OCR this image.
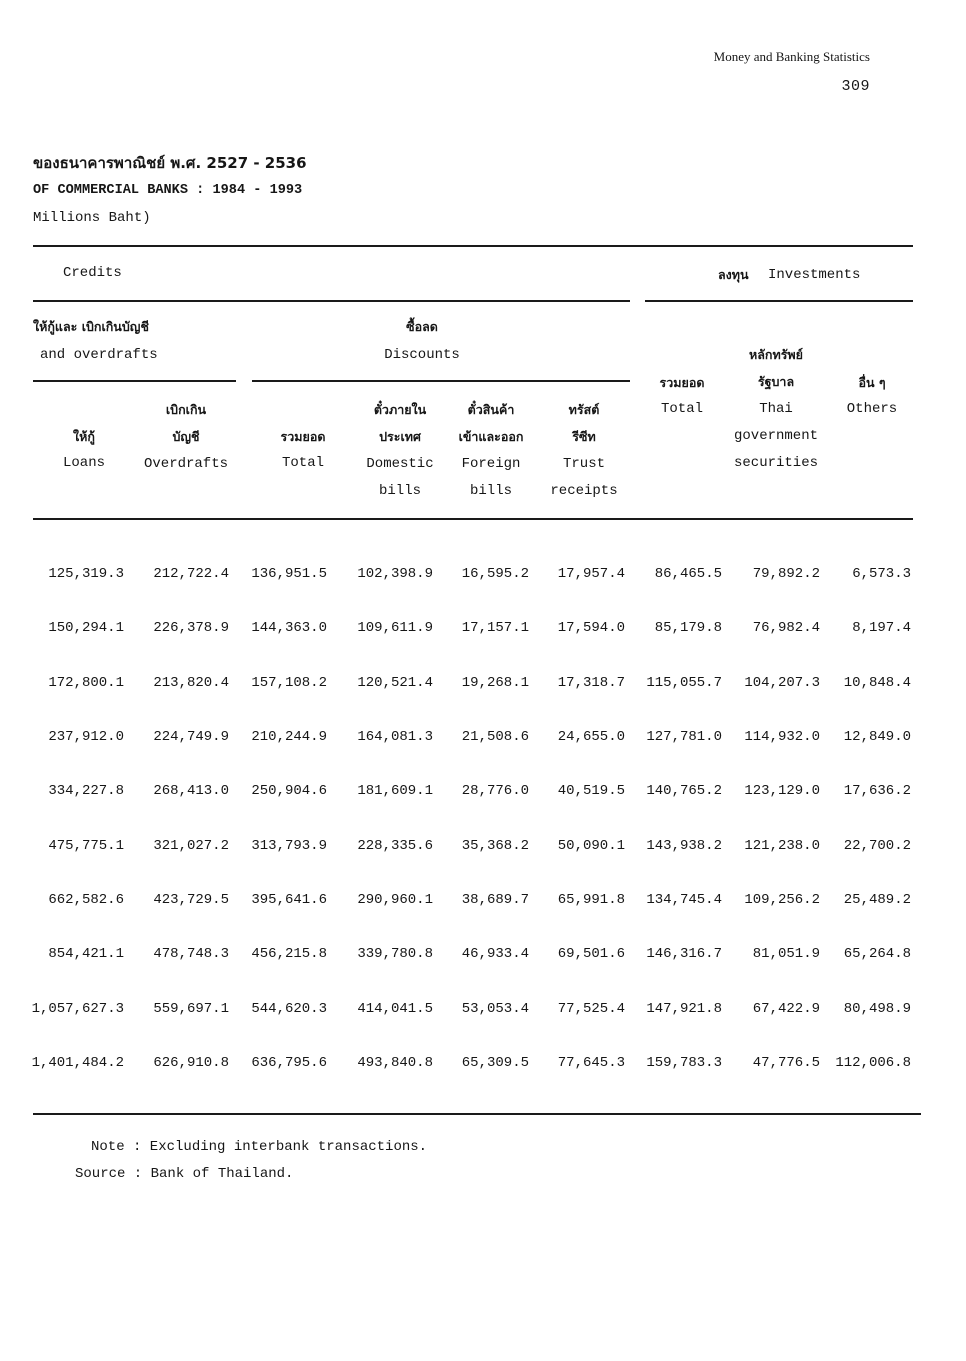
Money and Banking Statistics
309
ของธนาคารพาณิชย์ พ.ศ. 2527 - 2536
OF COMMERCIAL BANKS : 1984 - 1993
Millions Baht)
Credits	ลงทุน Investments
ให้กู้และ เบิกเกินบัญชี
and overdrafts
ซื้อลด
Discounts
ให้กู้
Loans
เบิกเกิน
บัญชี
Overdrafts
รวมยอด
Total
ตั๋วภายใน
ประเทศ
Domestic
bills
ตั๋วสินค้า
เข้าและออก
Foreign
bills
ทรัสต์
รีซีท
Trust
receipts
รวมยอด
Total
หลักทรัพย์
รัฐบาล
Thai
government
securities
อื่น ๆ
Others
125,319.3	212,722.4	136,951.5	102,398.9	16,595.2	17,957.4	86,465.5	79,892.2	6,573.3
150,294.1	226,378.9	144,363.0	109,611.9	17,157.1	17,594.0	85,179.8	76,982.4	8,197.4
172,800.1	213,820.4	157,108.2	120,521.4	19,268.1	17,318.7	115,055.7	104,207.3	10,848.4
237,912.0	224,749.9	210,244.9	164,081.3	21,508.6	24,655.0	127,781.0	114,932.0	12,849.0
334,227.8	268,413.0	250,904.6	181,609.1	28,776.0	40,519.5	140,765.2	123,129.0	17,636.2
475,775.1	321,027.2	313,793.9	228,335.6	35,368.2	50,090.1	143,938.2	121,238.0	22,700.2
662,582.6	423,729.5	395,641.6	290,960.1	38,689.7	65,991.8	134,745.4	109,256.2	25,489.2
854,421.1	478,748.3	456,215.8	339,780.8	46,933.4	69,501.6	146,316.7	81,051.9	65,264.8
1,057,627.3	559,697.1	544,620.3	414,041.5	53,053.4	77,525.4	147,921.8	67,422.9	80,498.9
1,401,484.2	626,910.8	636,795.6	493,840.8	65,309.5	77,645.3	159,783.3	47,776.5	112,006.8
Note : Excluding interbank transactions.
Source : Bank of Thailand.
